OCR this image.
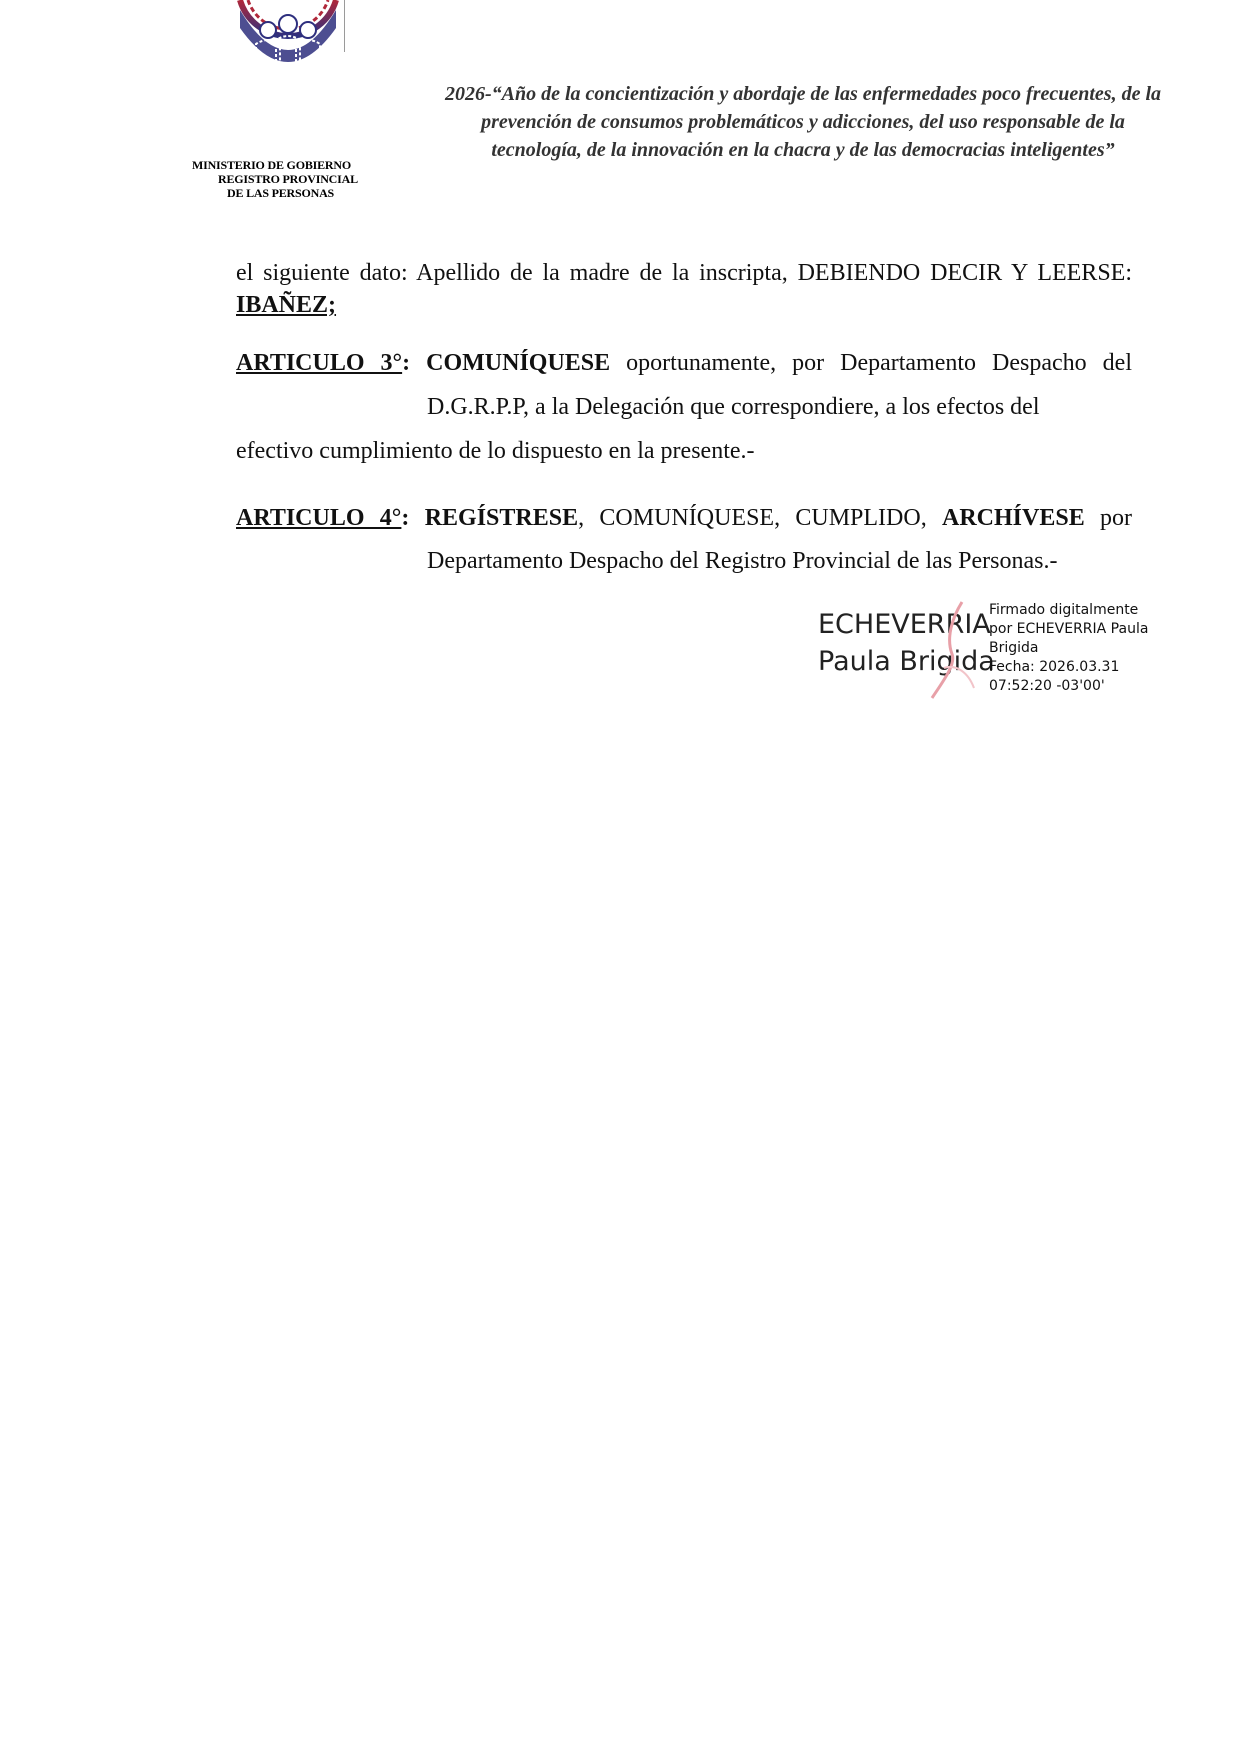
MINISTERIO DE GOBIERNO
REGISTRO PROVINCIAL
DE LAS PERSONAS
2026-“Año de la concientización y abordaje de las enfermedades poco frecuentes, de la
prevención de consumos problemáticos y adicciones, del uso responsable de la
tecnología, de la innovación en la chacra y de las democracias inteligentes”
el siguiente dato: Apellido de la madre de la inscripta, DEBIENDO DECIR Y LEERSE:
IBAÑEZ;
ARTICULO 3°: COMUNÍQUESE oportunamente, por Departamento Despacho del
D.G.R.P.P, a la Delegación que correspondiere, a los efectos del
efectivo cumplimiento de lo dispuesto en la presente.-
ARTICULO 4°: REGÍSTRESE, COMUNÍQUESE, CUMPLIDO, ARCHÍVESE por
Departamento Despacho del Registro Provincial de las Personas.-
ECHEVERRIA
Paula Brigida
Firmado digitalmente
por ECHEVERRIA Paula
Brigida
Fecha: 2026.03.31
07:52:20 -03'00'
